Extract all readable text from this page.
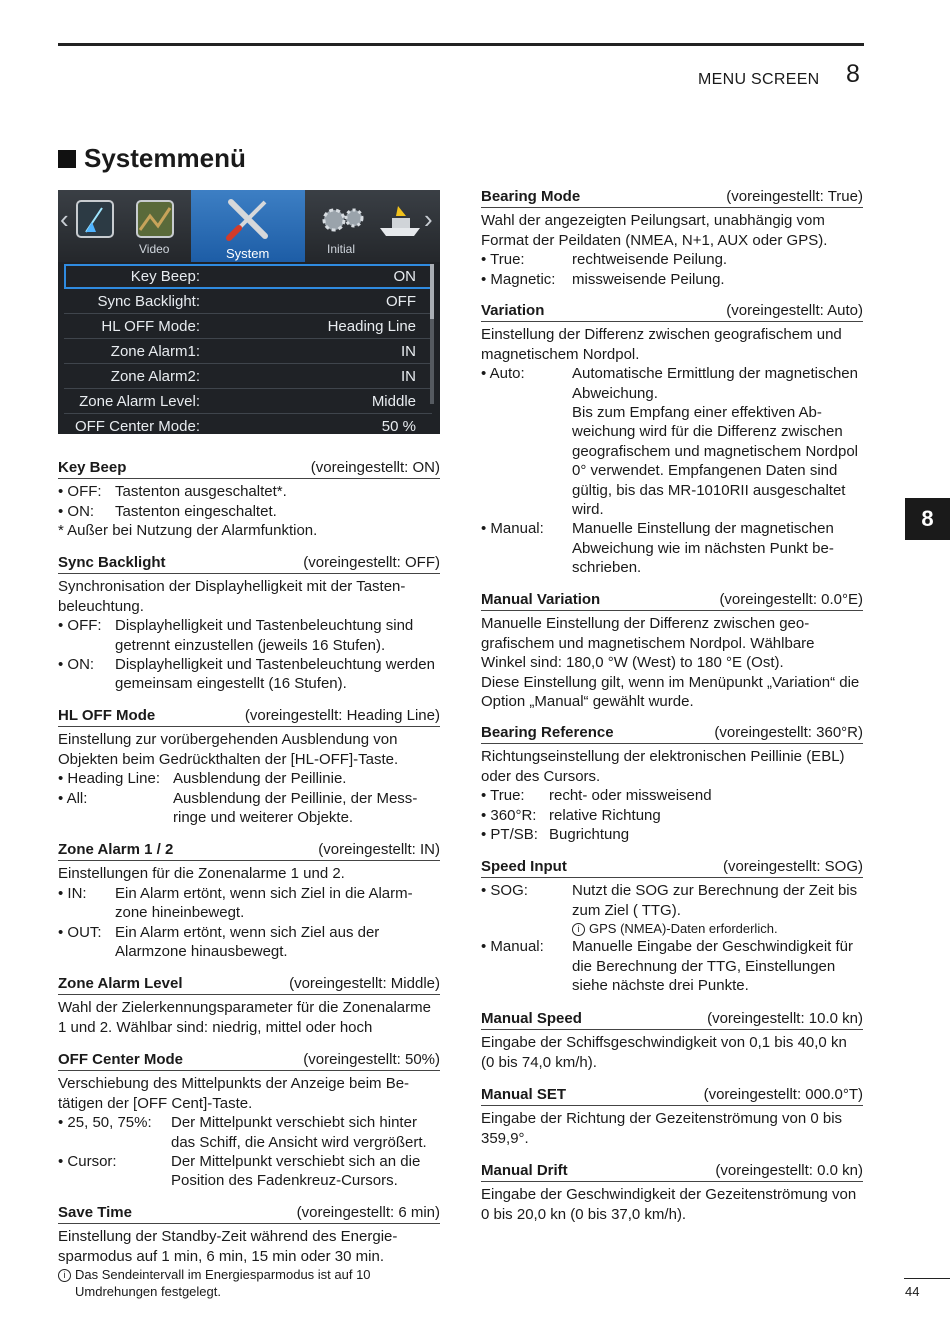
MENU SCREEN 8
Systemmenü
‹	›
Video	System	Initial
Key Beep:	ON
Sync Backlight:	OFF
HL OFF Mode:	Heading Line
Zone Alarm1:	IN
Zone Alarm2:	IN
Zone Alarm Level:	Middle
OFF Center Mode:	50 %
Key Beep	(voreingestellt: ON)
• OFF: Tastenton ausgeschaltet*.
• ON:	Tastenton eingeschaltet.
* Außer bei Nutzung der Alarmfunktion.
Sync Backlight	(voreingestellt: OFF)
Synchronisation der Displayhelligkeit mit der Tastenbeleuchtung.
• OFF: Displayhelligkeit und Tastenbeleuchtung sind getrennt einzustellen (jeweils 16 Stufen).
• ON:	Displayhelligkeit und Tastenbeleuchtung werden gemeinsam eingestellt (16 Stufen).
HL OFF Mode	(voreingestellt: Heading Line)
Einstellung zur vorübergehenden Ausblendung von Objekten beim Gedrückthalten der [HL-OFF]-Taste.
• Heading Line: Ausblendung der Peillinie.
• All:	Ausblendung der Peillinie, der Messringe und weiterer Objekte.
Zone Alarm 1 / 2	(voreingestellt: IN)
Einstellungen für die Zonenalarme 1 und 2.
• IN:	Ein Alarm ertönt, wenn sich Ziel in die Alarmzone hineinbewegt.
• OUT: Ein Alarm ertönt, wenn sich Ziel aus der Alarmzone hinausbewegt.
Zone Alarm Level	(voreingestellt: Middle)
Wahl der Zielerkennungsparameter für die Zonenalarme 1 und 2. Wählbar sind: niedrig, mittel oder hoch
OFF Center Mode	(voreingestellt: 50%)
Verschiebung des Mittelpunkts der Anzeige beim Betätigen der [OFF Cent]-Taste.
• 25, 50, 75%:	Der Mittelpunkt verschiebt sich hinter das Schiff, die Ansicht wird vergrößert.
• Cursor:	Der Mittelpunkt verschiebt sich an die Position des Fadenkreuz-Cursors.
Save Time	(voreingestellt: 6 min)
Einstellung der Standby-Zeit während des Energiesparmodus auf 1 min, 6 min, 15 min oder 30 min.
i Das Sendeintervall im Energiesparmodus ist auf 10 Umdrehungen festgelegt.
Bearing Mode	(voreingestellt: True)
Wahl der angezeigten Peilungsart, unabhängig vom Format der Peildaten (NMEA, N+1, AUX oder GPS).
• True:	rechtweisende Peilung.
• Magnetic:	missweisende Peilung.
Variation	(voreingestellt: Auto)
Einstellung der Differenz zwischen geografischem und magnetischem Nordpol.
• Auto:	Automatische Ermittlung der magnetischen Abweichung.
Bis zum Empfang einer effektiven Abweichung wird für die Differenz zwischen geografischem und magnetischem Nordpol 0° verwendet. Empfangenen Daten sind gültig, bis das MR-1010RII ausgeschaltet wird.
• Manual:	Manuelle Einstellung der magnetischen Abweichung wie im nächsten Punkt beschrieben.
Manual Variation	(voreingestellt: 0.0°E)
Manuelle Einstellung der Differenz zwischen geografischem und magnetischem Nordpol. Wählbare Winkel sind: 180,0 °W (West) to 180 °E (Ost).
Diese Einstellung gilt, wenn im Menüpunkt „Variation“ die Option „Manual“ gewählt wurde.
Bearing Reference	(voreingestellt: 360°R)
Richtungseinstellung der elektronischen Peillinie (EBL) oder des Cursors.
• True:	recht- oder missweisend
• 360°R: relative Richtung
• PT/SB: Bugrichtung
Speed Input	(voreingestellt: SOG)
• SOG:	Nutzt die SOG zur Berechnung der Zeit bis zum Ziel ( TTG).
i GPS (NMEA)-Daten erforderlich.
• Manual:	Manuelle Eingabe der Geschwindigkeit für die Berechnung der TTG, Einstellungen siehe nächste drei Punkte.
Manual Speed	(voreingestellt: 10.0 kn)
Eingabe der Schiffsgeschwindigkeit von 0,1 bis 40,0 kn (0 bis 74,0 km/h).
Manual SET	(voreingestellt: 000.0°T)
Eingabe der Richtung der Gezeitenströmung von 0 bis 359,9°.
Manual Drift	(voreingestellt: 0.0 kn)
Eingabe der Geschwindigkeit der Gezeitenströmung von 0 bis 20,0 kn (0 bis 37,0 km/h).
8
44
